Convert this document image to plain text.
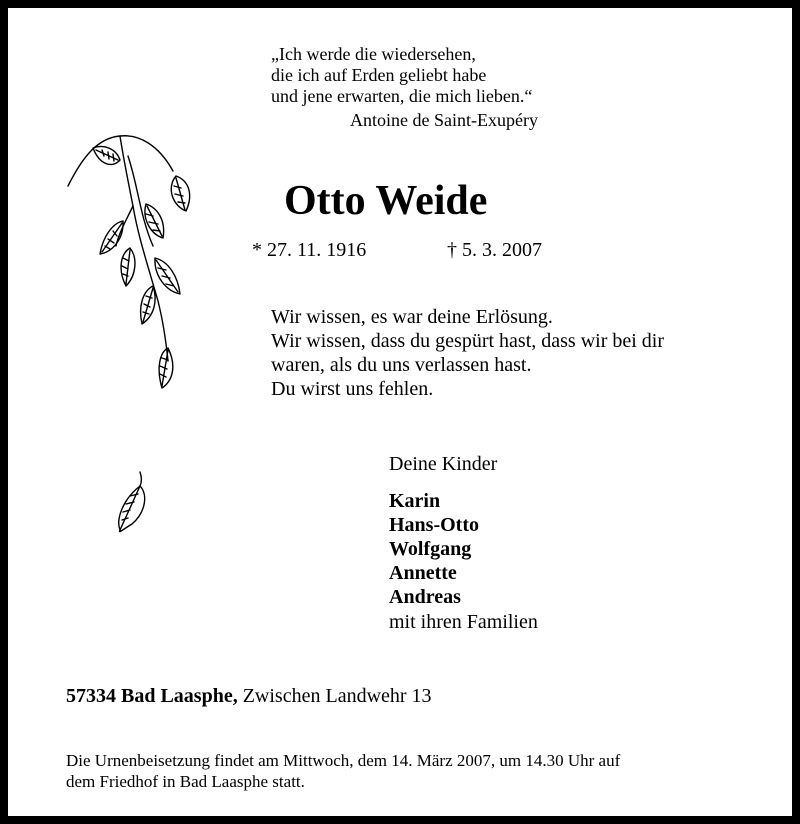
„Ich werde die wiedersehen,
die ich auf Erden geliebt habe
und jene erwarten, die mich lieben.“
Antoine de Saint-Exupéry
Otto Weide
* 27. 11. 1916	† 5. 3. 2007
Wir wissen, es war deine Erlösung.
Wir wissen, dass du gespürt hast, dass wir bei dir
waren, als du uns verlassen hast.
Du wirst uns fehlen.
Deine Kinder
Karin
Hans-Otto
Wolfgang
Annette
Andreas
mit ihren Familien
57334 Bad Laasphe, Zwischen Landwehr 13
Die Urnenbeisetzung findet am Mittwoch, dem 14. März 2007, um 14.30 Uhr auf
dem Friedhof in Bad Laasphe statt.
